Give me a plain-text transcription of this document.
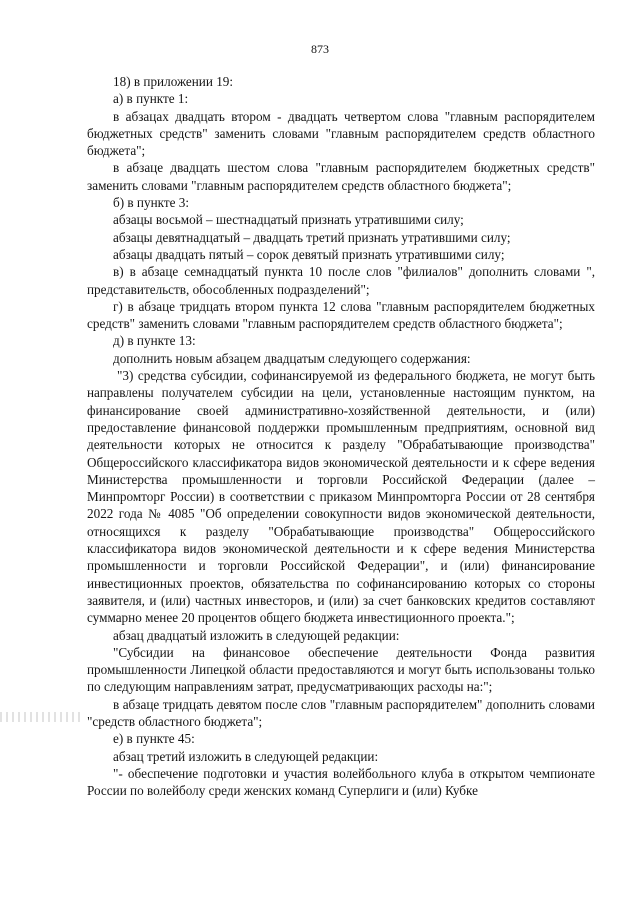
873

18) в приложении 19:

а) в пункте 1:

в абзацах двадцать втором - двадцать четвертом слова "главным распорядителем бюджетных средств" заменить словами "главным распорядителем средств областного бюджета";

в абзаце двадцать шестом слова "главным распорядителем бюджетных средств" заменить словами "главным распорядителем средств областного бюджета";

б) в пункте 3:

абзацы восьмой – шестнадцатый признать утратившими силу;

абзацы девятнадцатый – двадцать третий признать утратившими силу;

абзацы двадцать пятый – сорок девятый признать утратившими силу;

в) в абзаце семнадцатый пункта 10 после слов "филиалов" дополнить словами ", представительств, обособленных подразделений";

г) в абзаце тридцать втором пункта 12 слова "главным распорядителем бюджетных средств" заменить словами "главным распорядителем средств областного бюджета";

д) в пункте 13:

дополнить новым абзацем двадцатым следующего содержания:

"3) средства субсидии, софинансируемой из федерального бюджета, не могут быть направлены получателем субсидии на цели, установленные настоящим пунктом, на финансирование своей административно-хозяйственной деятельности, и (или) предоставление финансовой поддержки промышленным предприятиям, основной вид деятельности которых не относится к разделу "Обрабатывающие производства" Общероссийского классификатора видов экономической деятельности и к сфере ведения Министерства промышленности и торговли Российской Федерации (далее – Минпромторг России) в соответствии с приказом Минпромторга России от 28 сентября 2022 года № 4085 "Об определении совокупности видов экономической деятельности, относящихся к разделу "Обрабатывающие производства" Общероссийского классификатора видов экономической деятельности и к сфере ведения Министерства промышленности и торговли Российской Федерации", и (или) финансирование инвестиционных проектов, обязательства по софинансированию которых со стороны заявителя, и (или) частных инвесторов, и (или) за счет банковских кредитов составляют суммарно менее 20 процентов общего бюджета инвестиционного проекта.";

абзац двадцатый изложить в следующей редакции:

"Субсидии на финансовое обеспечение деятельности Фонда развития промышленности Липецкой области предоставляются и могут быть использованы только по следующим направлениям затрат, предусматривающих расходы на:";

в абзаце тридцать девятом после слов "главным распорядителем" дополнить словами "средств областного бюджета";

е) в пункте 45:

абзац третий изложить в следующей редакции:

"- обеспечение подготовки и участия волейбольного клуба в открытом чемпионате России по волейболу среди женских команд Суперлиги и (или) Кубке
